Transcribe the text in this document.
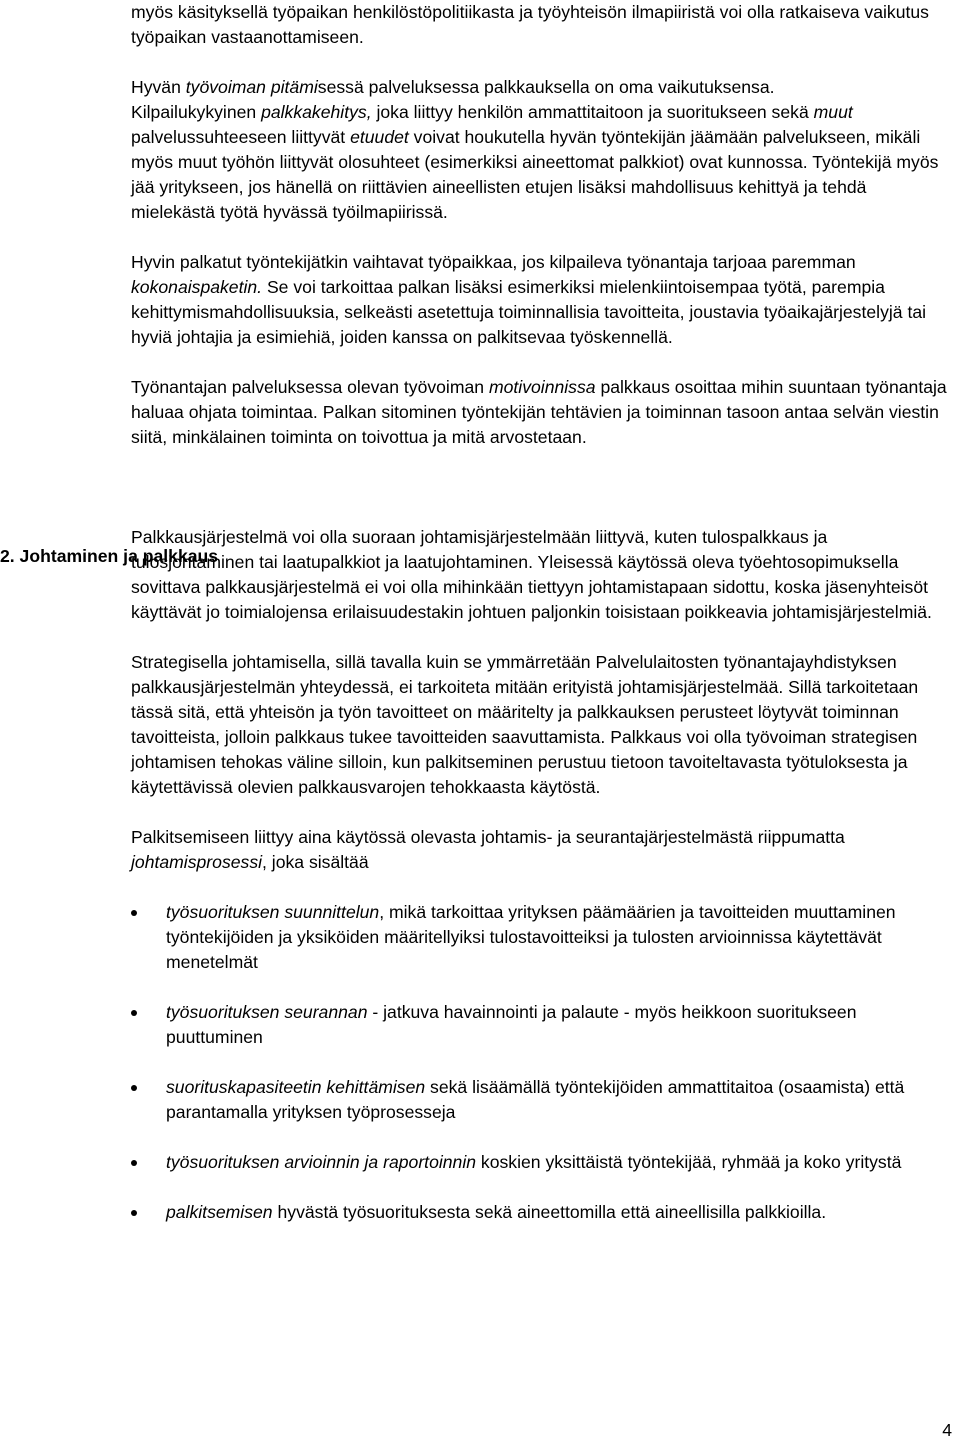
2. Johtaminen ja palkkaus

myös käsityksellä työpaikan henkilöstöpolitiikasta ja työyhteisön ilmapiiristä voi olla ratkaiseva vaikutus työpaikan vastaanottamiseen.

Hyvän työvoiman pitämisessä palveluksessa palkkauksella on oma vaikutuksensa.

Kilpailukykyinen palkkakehitys, joka liittyy henkilön ammattitaitoon ja suoritukseen sekä muut palvelussuhteeseen liittyvät etuudet voivat houkutella hyvän työntekijän jäämään palvelukseen, mikäli myös muut työhön liittyvät olosuhteet (esimerkiksi aineettomat palkkiot) ovat kunnossa. Työntekijä myös jää yritykseen, jos hänellä on riittävien aineellisten etujen lisäksi mahdollisuus kehittyä ja tehdä mielekästä työtä hyvässä työilmapiirissä.

Hyvin palkatut työntekijätkin vaihtavat työpaikkaa, jos kilpaileva työnantaja tarjoaa paremman kokonaispaketin. Se voi tarkoittaa palkan lisäksi esimerkiksi mielenkiintoisempaa työtä, parempia kehittymismahdollisuuksia, selkeästi asetettuja toiminnallisia tavoitteita, joustavia työaikajärjestelyjä tai hyviä johtajia ja esimiehiä, joiden kanssa on palkitsevaa työskennellä.

Työnantajan palveluksessa olevan työvoiman motivoinnissa palkkaus osoittaa mihin suuntaan työnantaja haluaa ohjata toimintaa. Palkan sitominen työntekijän tehtävien ja toiminnan tasoon antaa selvän viestin siitä, minkälainen toiminta on toivottua ja mitä arvostetaan.

Palkkausjärjestelmä voi olla suoraan johtamisjärjestelmään liittyvä, kuten tulospalkkaus ja tulosjohtaminen tai laatupalkkiot ja laatujohtaminen. Yleisessä käytössä oleva työehtosopimuksella sovittava palkkausjärjestelmä ei voi olla mihinkään tiettyyn johtamistapaan sidottu, koska jäsenyhteisöt käyttävät jo toimialojensa erilaisuudestakin johtuen paljonkin toisistaan poikkeavia johtamisjärjestelmiä.

Strategisella johtamisella, sillä tavalla kuin se ymmärretään Palvelulaitosten työnantajayhdistyksen palkkausjärjestelmän yhteydessä, ei tarkoiteta mitään erityistä johtamisjärjestelmää. Sillä tarkoitetaan tässä sitä, että yhteisön ja työn tavoitteet on määritelty ja palkkauksen perusteet löytyvät toiminnan tavoitteista, jolloin palkkaus tukee tavoitteiden saavuttamista. Palkkaus voi olla työvoiman strategisen johtamisen tehokas väline silloin, kun palkitseminen perustuu tietoon tavoiteltavasta työtuloksesta ja käytettävissä olevien palkkausvarojen tehokkaasta käytöstä.

Palkitsemiseen liittyy aina käytössä olevasta johtamis- ja seurantajärjestelmästä riippumatta johtamisprosessi, joka sisältää

työsuorituksen suunnittelun, mikä tarkoittaa yrityksen päämäärien ja tavoitteiden muuttaminen työntekijöiden ja yksiköiden määritellyiksi tulostavoitteiksi ja tulosten arvioinnissa käytettävät menetelmät
työsuorituksen seurannan - jatkuva havainnointi ja palaute - myös heikkoon suoritukseen puuttuminen
suorituskapasiteetin kehittämisen sekä lisäämällä työntekijöiden ammattitaitoa (osaamista) että parantamalla yrityksen työprosesseja
työsuorituksen arvioinnin ja raportoinnin koskien yksittäistä työntekijää, ryhmää ja koko yritystä
palkitsemisen hyvästä työsuorituksesta sekä aineettomilla että aineellisilla palkkioilla.
4
